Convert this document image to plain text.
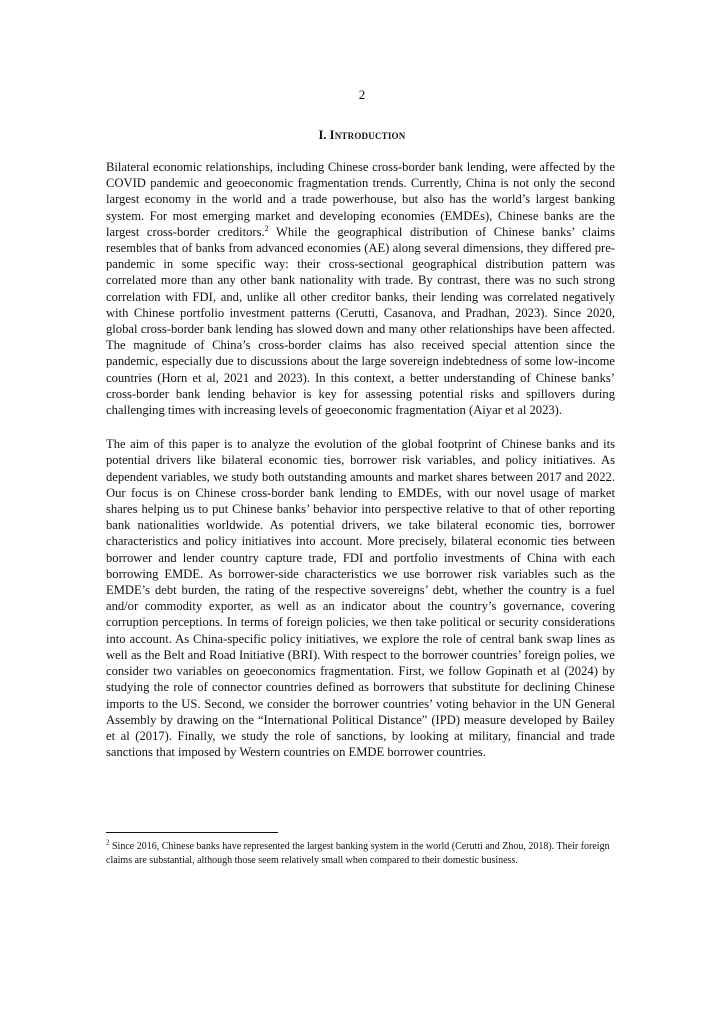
2
I. Introduction

Bilateral economic relationships, including Chinese cross-border bank lending, were affected by the COVID pandemic and geoeconomic fragmentation trends. Currently, China is not only the second largest economy in the world and a trade powerhouse, but also has the world’s largest banking system. For most emerging market and developing economies (EMDEs), Chinese banks are the largest cross-border creditors.$^2$ While the geographical distribution of Chinese banks’ claims resembles that of banks from advanced economies (AE) along several dimensions, they differed pre-pandemic in some specific way: their cross-sectional geographical distribution pattern was correlated more than any other bank nationality with trade. By contrast, there was no such strong correlation with FDI, and, unlike all other creditor banks, their lending was correlated negatively with Chinese portfolio investment patterns (Cerutti, Casanova, and Pradhan, 2023). Since 2020, global cross-border bank lending has slowed down and many other relationships have been affected. The magnitude of China’s cross-border claims has also received special attention since the pandemic, especially due to discussions about the large sovereign indebtedness of some low-income countries (Horn et al, 2021 and 2023). In this context, a better understanding of Chinese banks’ cross-border bank lending behavior is key for assessing potential risks and spillovers during challenging times with increasing levels of geoeconomic fragmentation (Aiyar et al 2023).

The aim of this paper is to analyze the evolution of the global footprint of Chinese banks and its potential drivers like bilateral economic ties, borrower risk variables, and policy initiatives. As dependent variables, we study both outstanding amounts and market shares between 2017 and 2022. Our focus is on Chinese cross-border bank lending to EMDEs, with our novel usage of market shares helping us to put Chinese banks’ behavior into perspective relative to that of other reporting bank nationalities worldwide. As potential drivers, we take bilateral economic ties, borrower characteristics and policy initiatives into account. More precisely, bilateral economic ties between borrower and lender country capture trade, FDI and portfolio investments of China with each borrowing EMDE. As borrower-side characteristics we use borrower risk variables such as the EMDE’s debt burden, the rating of the respective sovereigns’ debt, whether the country is a fuel and/or commodity exporter, as well as an indicator about the country’s governance, covering corruption perceptions. In terms of foreign policies, we then take political or security considerations into account. As China-specific policy initiatives, we explore the role of central bank swap lines as well as the Belt and Road Initiative (BRI). With respect to the borrower countries’ foreign polies, we consider two variables on geoeconomics fragmentation. First, we follow Gopinath et al (2024) by studying the role of connector countries defined as borrowers that substitute for declining Chinese imports to the US. Second, we consider the borrower countries’ voting behavior in the UN General Assembly by drawing on the “International Political Distance” (IPD) measure developed by Bailey et al (2017). Finally, we study the role of sanctions, by looking at military, financial and trade sanctions that imposed by Western countries on EMDE borrower countries.

$^2$ Since 2016, Chinese banks have represented the largest banking system in the world (Cerutti and Zhou, 2018). Their foreign claims are substantial, although those seem relatively small when compared to their domestic business.
